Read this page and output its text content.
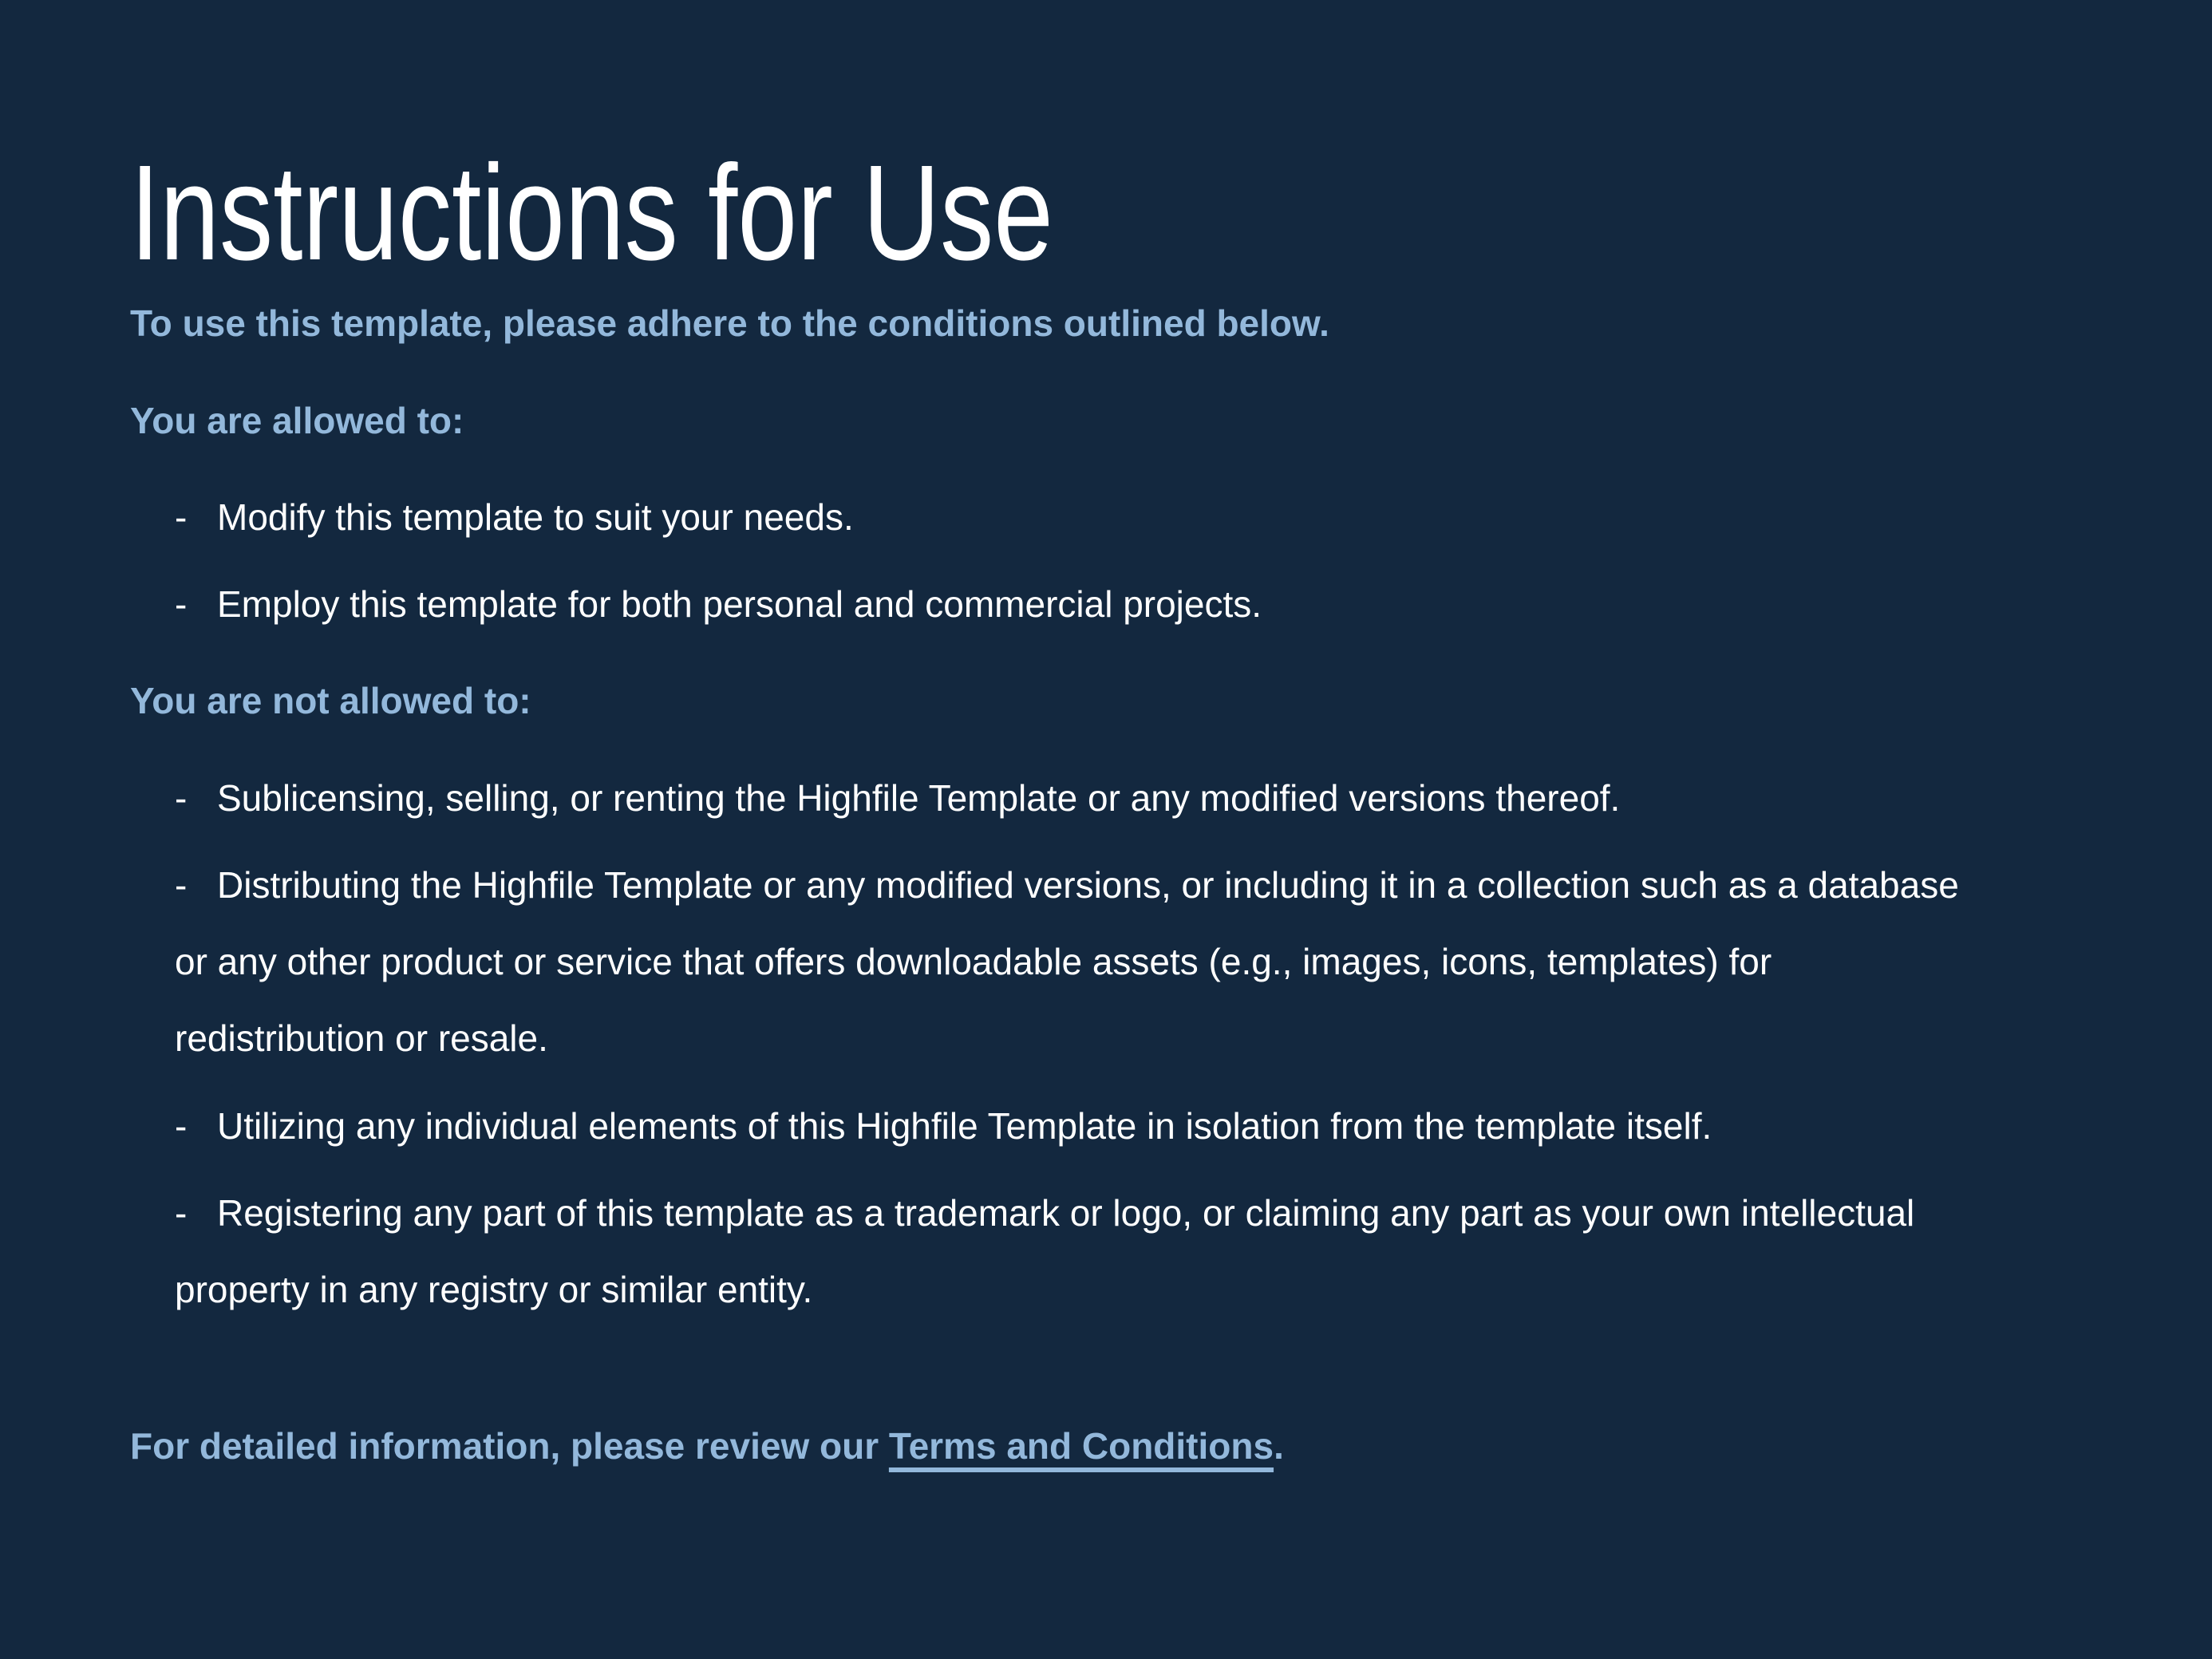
Instructions for Use
To use this template, please adhere to the conditions outlined below.
You are allowed to:
- Modify this template to suit your needs.
- Employ this template for both personal and commercial projects.
You are not allowed to:
- Sublicensing, selling, or renting the Highfile Template or any modified versions thereof.
- Distributing the Highfile Template or any modified versions, or including it in a collection such as a database or any other product or service that offers downloadable assets (e.g., images, icons, templates) for redistribution or resale.
- Utilizing any individual elements of this Highfile Template in isolation from the template itself.
- Registering any part of this template as a trademark or logo, or claiming any part as your own intellectual property in any registry or similar entity.
For detailed information, please review our Terms and Conditions.
